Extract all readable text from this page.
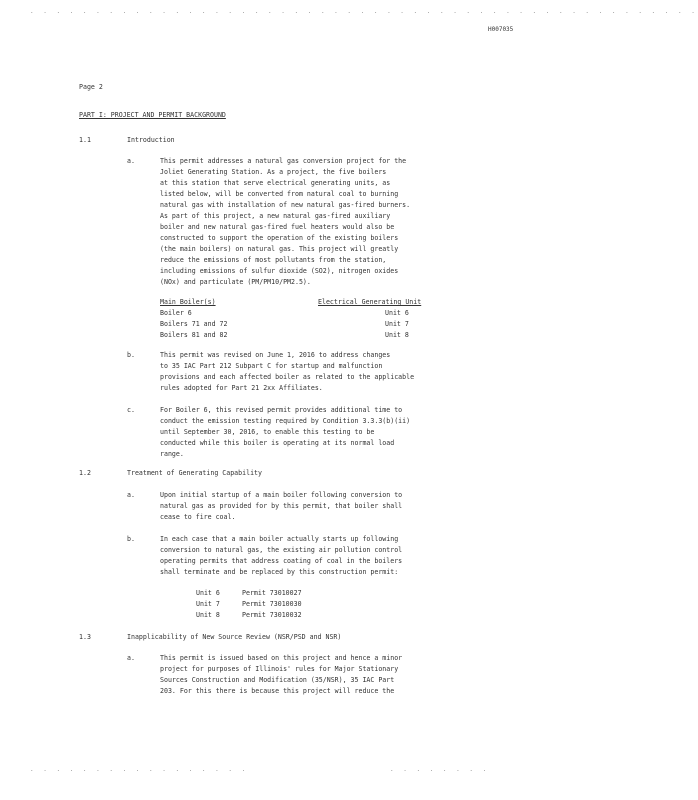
. . . . . . . . . . . . . . . . . . . . . . . . . . . . . . . . . . . . . . . . . . . . . . . . . . .
. . . . . . . . . . . . . . . . .	. . . . . . . .
H007035
Page 2
PART I: PROJECT AND PERMIT BACKGROUND
1.1	Introduction
a.	This permit addresses a natural gas conversion project for the
Joliet Generating Station. As a project, the five boilers
at this station that serve electrical generating units, as
listed below, will be converted from natural coal to burning
natural gas with installation of new natural gas-fired burners.
As part of this project, a new natural gas-fired auxiliary
boiler and new natural gas-fired fuel heaters would also be
constructed to support the operation of the existing boilers
(the main boilers) on natural gas. This project will greatly
reduce the emissions of most pollutants from the station,
including emissions of sulfur dioxide (SO2), nitrogen oxides
(NOx) and particulate (PM/PM10/PM2.5).
Main Boiler(s)	Electrical Generating Unit
Boiler 6	Unit 6
Boilers 71 and 72	Unit 7
Boilers 81 and 82	Unit 8
b.	This permit was revised on June 1, 2016 to address changes
to 35 IAC Part 212 Subpart C for startup and malfunction
provisions and each affected boiler as related to the applicable
rules adopted for Part 21 2xx Affiliates.
c.	For Boiler 6, this revised permit provides additional time to
conduct the emission testing required by Condition 3.3.3(b)(ii)
until September 30, 2016, to enable this testing to be
conducted while this boiler is operating at its normal load
range.
1.2	Treatment of Generating Capability
a.	Upon initial startup of a main boiler following conversion to
natural gas as provided for by this permit, that boiler shall
cease to fire coal.
b.	In each case that a main boiler actually starts up following
conversion to natural gas, the existing air pollution control
operating permits that address coating of coal in the boilers
shall terminate and be replaced by this construction permit:
Unit 6	Permit 73010027
Unit 7	Permit 73010030
Unit 8	Permit 73010032
1.3	Inapplicability of New Source Review (NSR/PSD and NSR)
a.	This permit is issued based on this project and hence a minor
project for purposes of Illinois' rules for Major Stationary
Sources Construction and Modification (35/NSR), 35 IAC Part
203. For this there is because this project will reduce the
